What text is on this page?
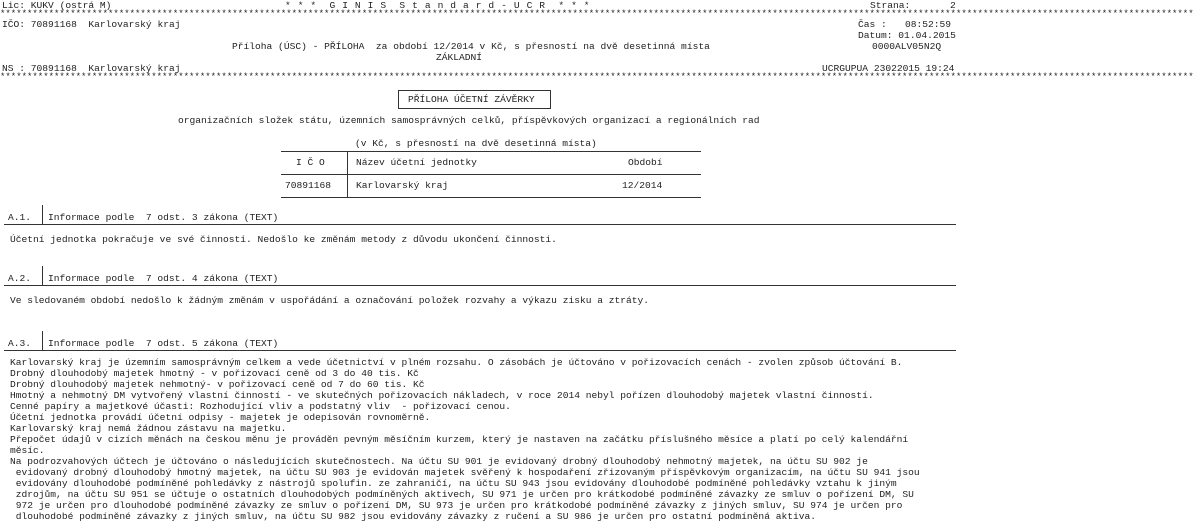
Lic: KUKV (ostrá M)	* * *  G I N I S  S t a n d a r d - U C R  * * *	Strana:	2
*****************************************************************************************************************************************************************************************************************************
IČO: 70891168  Karlovarský kraj	Čas : 08:52:59
Datum: 01.04.2015
Příloha (ÚSC) - PŘÍLOHA  za období 12/2014 v Kč, s přesností na dvě desetinná místa	0000ALV05N2Q
ZÁKLADNÍ
NS : 70891168  Karlovarský kraj	UCRGUPUA 23022015 19:24
*****************************************************************************************************************************************************************************************************************************
PŘÍLOHA ÚČETNÍ ZÁVĚRKY
organizačních složek státu, územních samosprávných celků, příspěvkových organizací a regionálních rad
(v Kč, s přesností na dvě desetinná místa)
I Č O	Název účetní jednotky	Období
70891168	Karlovarský kraj	12/2014
A.1. Informace podle  7 odst. 3 zákona (TEXT)
Účetní jednotka pokračuje ve své činnosti. Nedošlo ke změnám metody z důvodu ukončení činnosti.
A.2. Informace podle  7 odst. 4 zákona (TEXT)
Ve sledovaném období nedošlo k žádným změnám v uspořádání a označování položek rozvahy a výkazu zisku a ztráty.
A.3. Informace podle  7 odst. 5 zákona (TEXT)
Karlovarský kraj je územním samosprávným celkem a vede účetnictví v plném rozsahu. O zásobách je účtováno v pořizovacích cenách - zvolen způsob účtování B.
Drobný dlouhodobý majetek hmotný - v pořizovací ceně od 3 do 40 tis. Kč
Drobný dlouhodobý majetek nehmotný- v pořizovací ceně od 7 do 60 tis. Kč
Hmotný a nehmotný DM vytvořený vlastní činností - ve skutečných pořizovacích nákladech, v roce 2014 nebyl pořízen dlouhodobý majetek vlastní činností.
Cenné papíry a majetkové účasti: Rozhodující vliv a podstatný vliv  - pořizovací cenou.
Účetní jednotka provádí účetní odpisy - majetek je odepisován rovnoměrně.
Karlovarský kraj nemá žádnou zástavu na majetku.
Přepočet údajů v cizích měnách na českou měnu je prováděn pevným měsíčním kurzem, který je nastaven na začátku příslušného měsíce a platí po celý kalendářní
měsíc.
Na podrozvahových účtech je účtováno o následujících skutečnostech. Na účtu SU 901 je evidovaný drobný dlouhodobý nehmotný majetek, na účtu SU 902 je
evidovaný drobný dlouhodobý hmotný majetek, na účtu SU 903 je evidován majetek svěřený k hospodaření zřizovaným příspěvkovým organizacím, na účtu SU 941 jsou
evidovány dlouhodobé podmíněné pohledávky z nástrojů spolufin. ze zahraničí, na účtu SU 943 jsou evidovány dlouhodobé podmíněné pohledávky vztahu k jiným
zdrojům, na účtu SU 951 se účtuje o ostatních dlouhodobých podmíněných aktivech, SU 971 je určen pro krátkodobé podmíněné závazky ze smluv o pořízení DM, SU
972 je určen pro dlouhodobé podmíněné závazky ze smluv o pořízení DM, SU 973 je určen pro krátkodobé podmíněné závazky z jiných smluv, SU 974 je určen pro
dlouhodobé podmíněné závazky z jiných smluv, na účtu SU 982 jsou evidovány závazky z ručení a SU 986 je určen pro ostatní podmíněná aktiva.
